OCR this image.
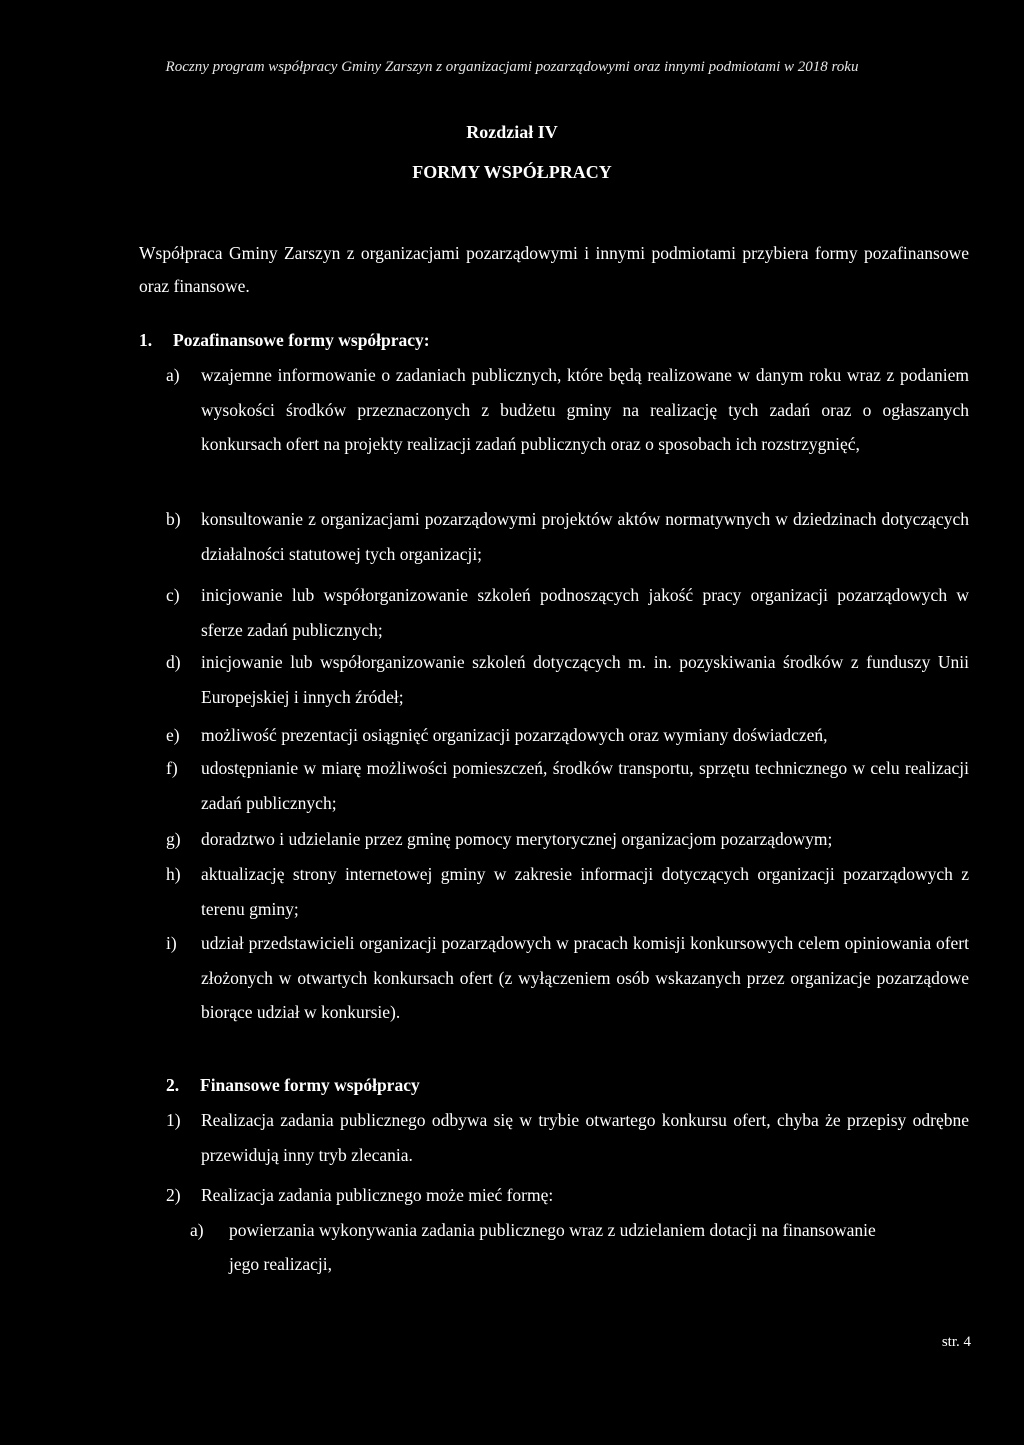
Roczny program współpracy Gminy Zarszyn z organizacjami pozarządowymi oraz innymi podmiotami w 2018 roku
Rozdział IV
FORMY WSPÓŁPRACY
Współpraca Gminy Zarszyn z organizacjami pozarządowymi i innymi podmiotami przybiera formy pozafinansowe oraz finansowe.
1. Pozafinansowe formy współpracy:
a)	wzajemne informowanie o zadaniach publicznych, które będą realizowane w danym roku wraz z podaniem wysokości środków przeznaczonych z budżetu gminy na realizację tych zadań oraz o ogłaszanych konkursach ofert na projekty realizacji zadań publicznych oraz o sposobach ich rozstrzygnięć,
b)	konsultowanie z organizacjami pozarządowymi projektów aktów normatywnych w dziedzinach dotyczących działalności statutowej tych organizacji;
c)	inicjowanie lub współorganizowanie szkoleń podnoszących jakość pracy organizacji pozarządowych w sferze zadań publicznych;
d)	inicjowanie lub współorganizowanie szkoleń dotyczących m. in. pozyskiwania środków z funduszy Unii Europejskiej i innych źródeł;
e)	możliwość prezentacji osiągnięć organizacji pozarządowych oraz wymiany doświadczeń,
f)	udostępnianie w miarę możliwości pomieszczeń, środków transportu, sprzętu technicznego w celu realizacji zadań publicznych;
g)	doradztwo i udzielanie przez gminę pomocy merytorycznej organizacjom pozarządowym;
h)	aktualizację strony internetowej gminy w zakresie informacji dotyczących organizacji pozarządowych z terenu gminy;
i)	udział przedstawicieli organizacji pozarządowych w pracach komisji konkursowych celem opiniowania ofert złożonych w otwartych konkursach ofert (z wyłączeniem osób wskazanych przez organizacje pozarządowe biorące udział w konkursie).
2. Finansowe formy współpracy
1)	Realizacja zadania publicznego odbywa się w trybie otwartego konkursu ofert, chyba że przepisy odrębne przewidują inny tryb zlecania.
2)	Realizacja zadania publicznego może mieć formę:
a)	powierzania wykonywania zadania publicznego wraz z udzielaniem dotacji na finansowanie jego realizacji,
str. 4
